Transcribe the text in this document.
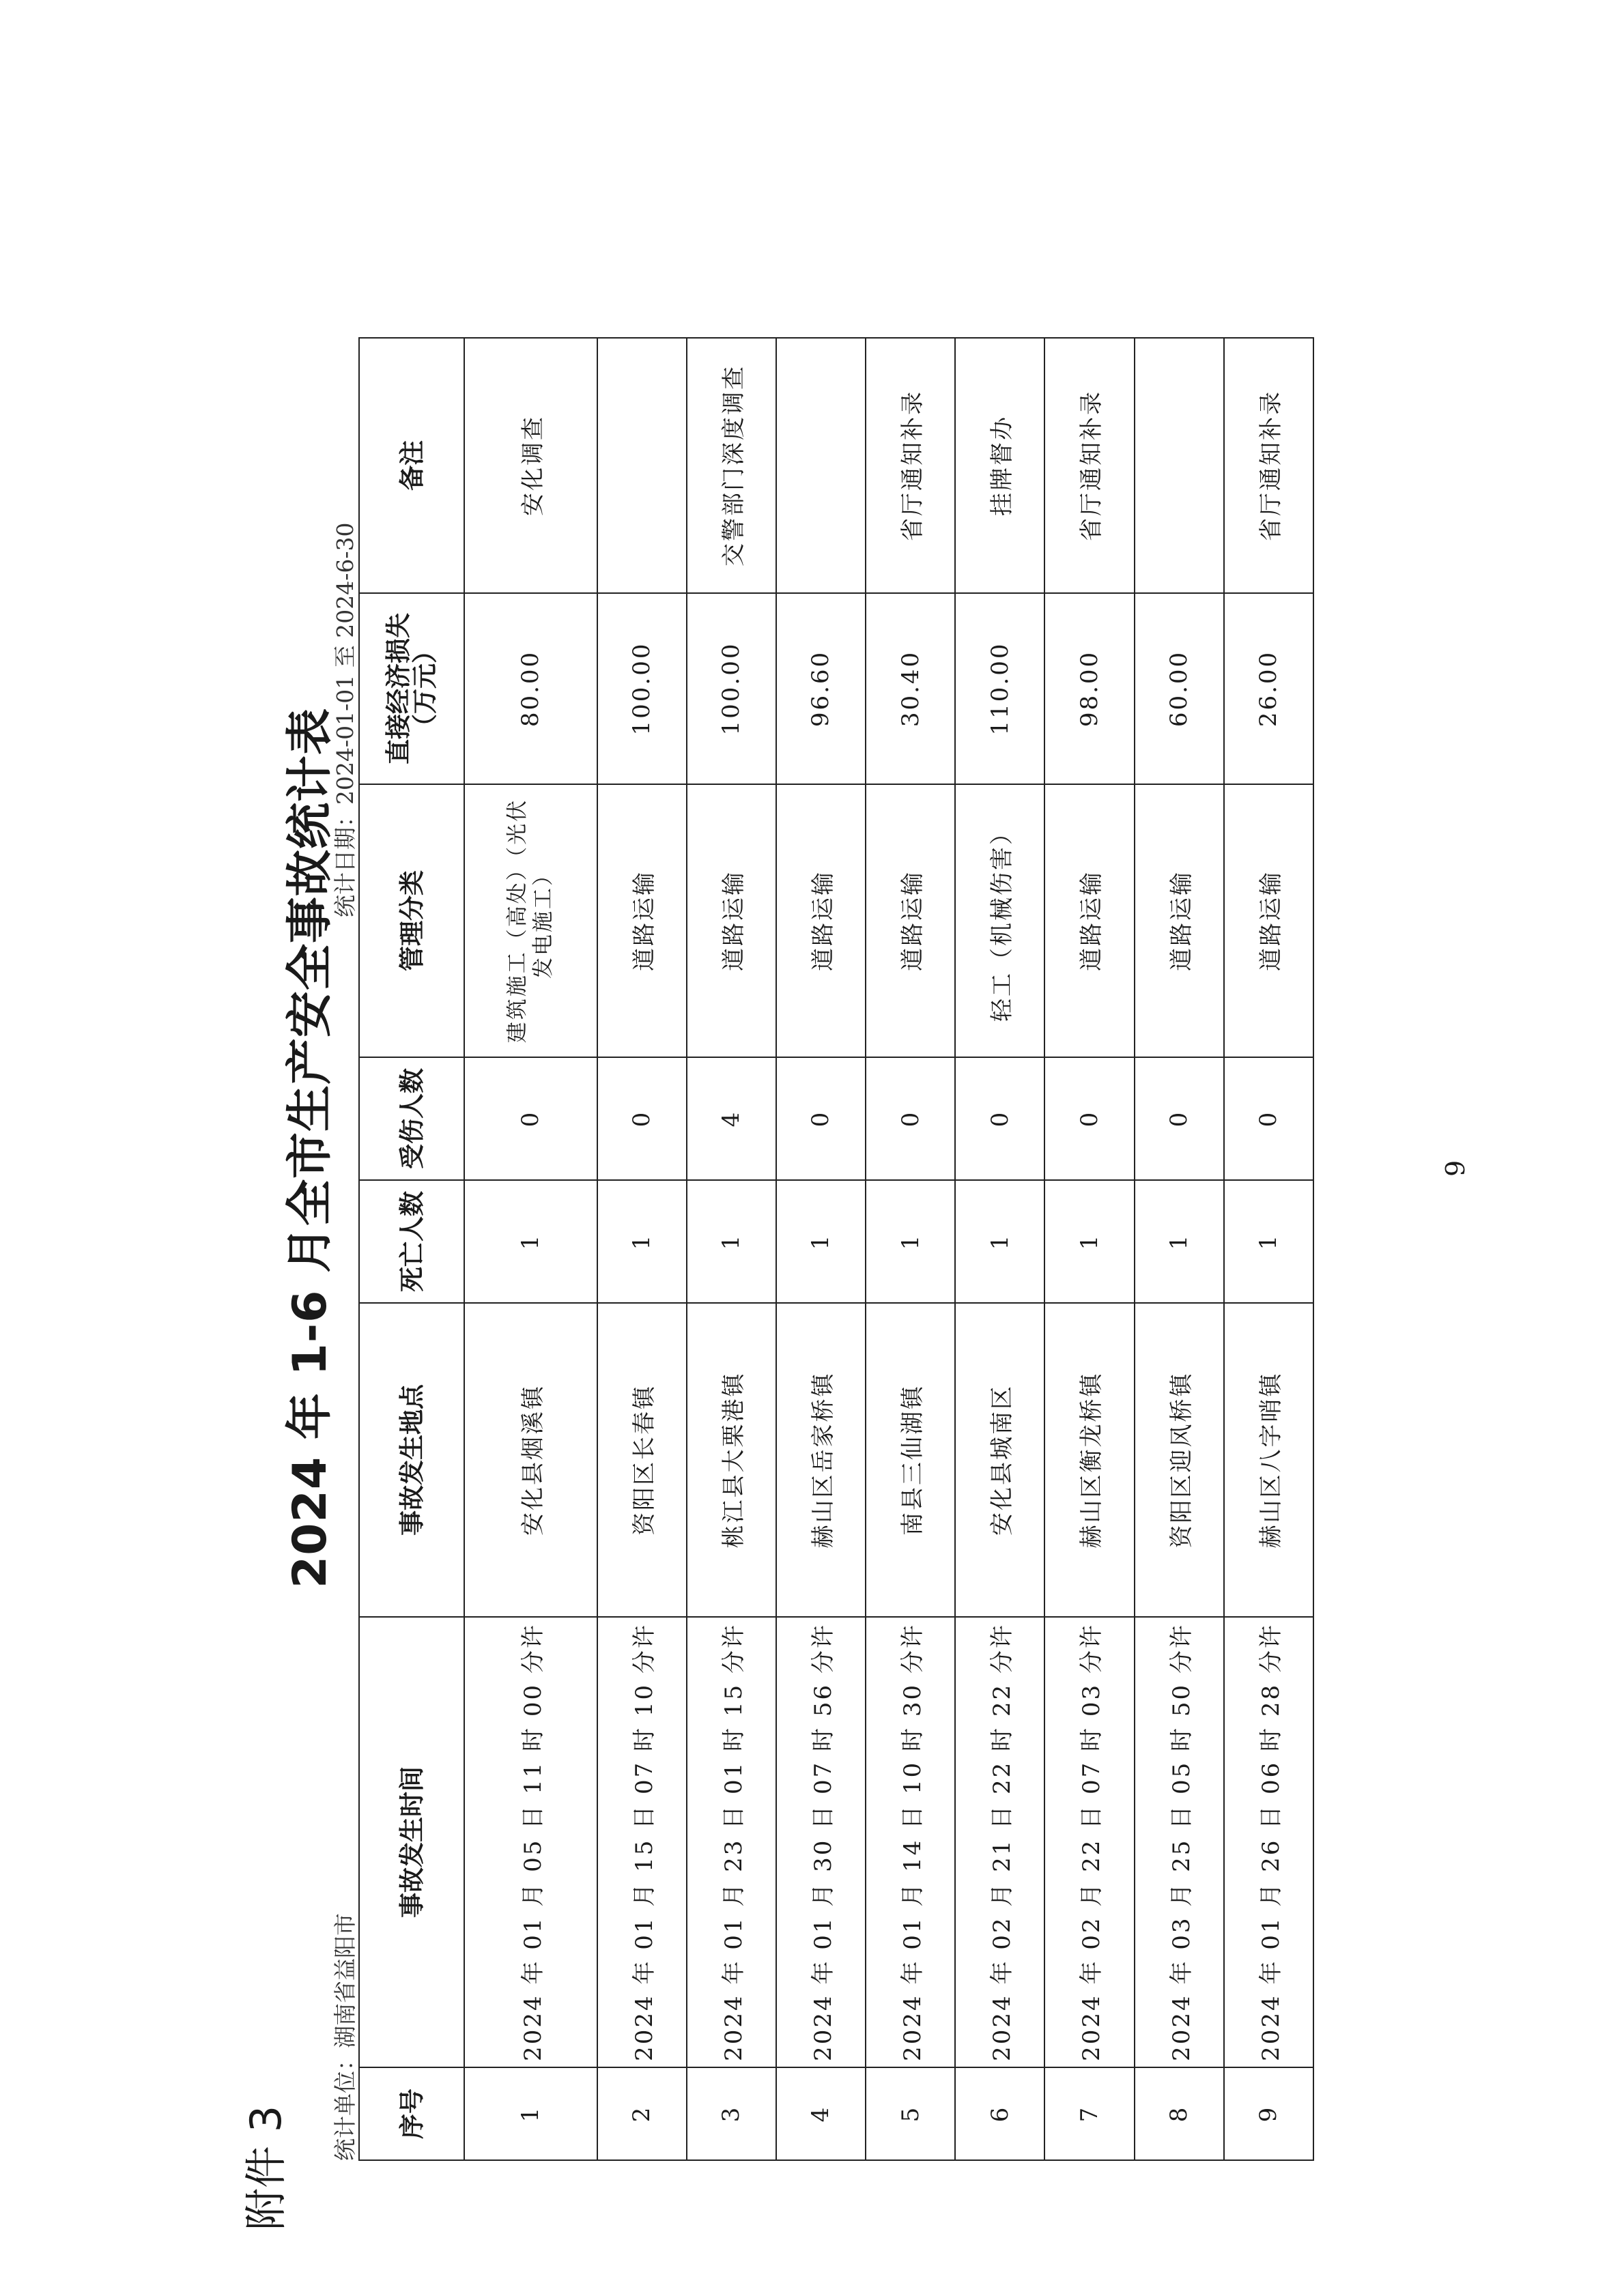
附件 3
2024 年 1-6 月全市生产安全事故统计表
统计单位：湖南省益阳市
统计日期：2024-01-01 至 2024-6-30
序号	事故发生时间	事故发生地点	死亡人数	受伤人数	管理分类	直接经济损失（万元）	备注
1	2024 年 01 月 05 日 11 时 00 分许	安化县烟溪镇	1	0	建筑施工（高处）（光伏发电施工）	80.00	安化调查
2	2024 年 01 月 15 日 07 时 10 分许	资阳区长春镇	1	0	道路运输	100.00	
3	2024 年 01 月 23 日 01 时 15 分许	桃江县大栗港镇	1	4	道路运输	100.00	交警部门深度调查
4	2024 年 01 月 30 日 07 时 56 分许	赫山区岳家桥镇	1	0	道路运输	96.60	
5	2024 年 01 月 14 日 10 时 30 分许	南县三仙湖镇	1	0	道路运输	30.40	省厅通知补录
6	2024 年 02 月 21 日 22 时 22 分许	安化县城南区	1	0	轻工（机械伤害）	110.00	挂牌督办
7	2024 年 02 月 22 日 07 时 03 分许	赫山区衡龙桥镇	1	0	道路运输	98.00	省厅通知补录
8	2024 年 03 月 25 日 05 时 50 分许	资阳区迎风桥镇	1	0	道路运输	60.00	
9	2024 年 01 月 26 日 06 时 28 分许	赫山区八字哨镇	1	0	道路运输	26.00	省厅通知补录
9
